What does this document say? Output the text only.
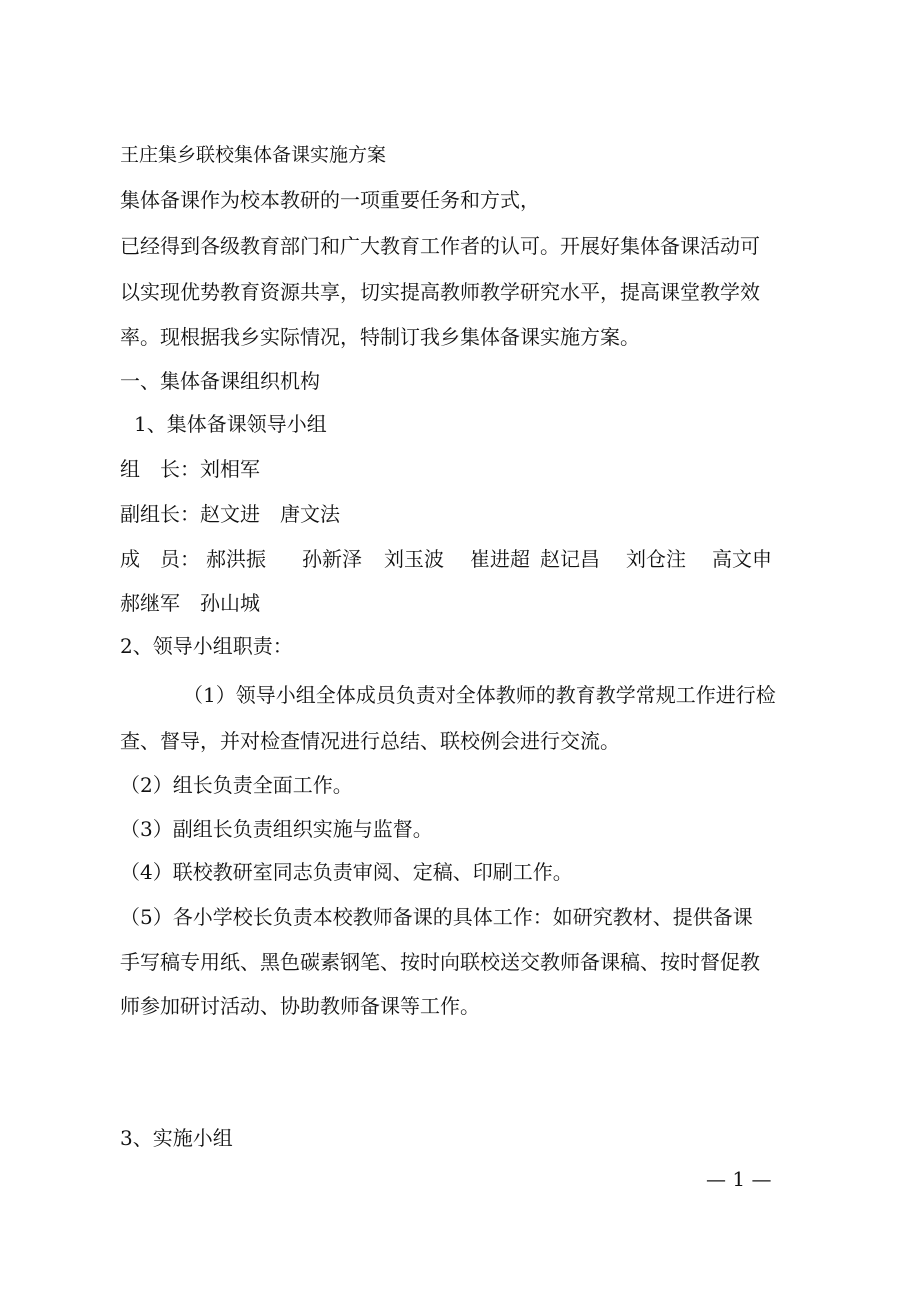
王庄集乡联校集体备课实施方案
集体备课作为校本教研的一项重要任务和方式，
已经得到各级教育部门和广大教育工作者的认可。开展好集体备课活动可
以实现优势教育资源共享，切实提高教师教学研究水平，提高课堂教学效
率。现根据我乡实际情况，特制订我乡集体备课实施方案。
一、集体备课组织机构
1、集体备课领导小组
组　长：刘相军
副组长：赵文进　唐文法
成　员： 郝洪振 孙新泽 刘玉波 崔进超 赵记昌 刘仓注 高文申
郝继军　孙山城
2、领导小组职责：
（1）领导小组全体成员负责对全体教师的教育教学常规工作进行检
查、督导，并对检查情况进行总结、联校例会进行交流。
（2）组长负责全面工作。
（3）副组长负责组织实施与监督。
（4）联校教研室同志负责审阅、定稿、印刷工作。
（5）各小学校长负责本校教师备课的具体工作：如研究教材、提供备课
手写稿专用纸、黑色碳素钢笔、按时向联校送交教师备课稿、按时督促教
师参加研讨活动、协助教师备课等工作。
3、实施小组
— 1 —
